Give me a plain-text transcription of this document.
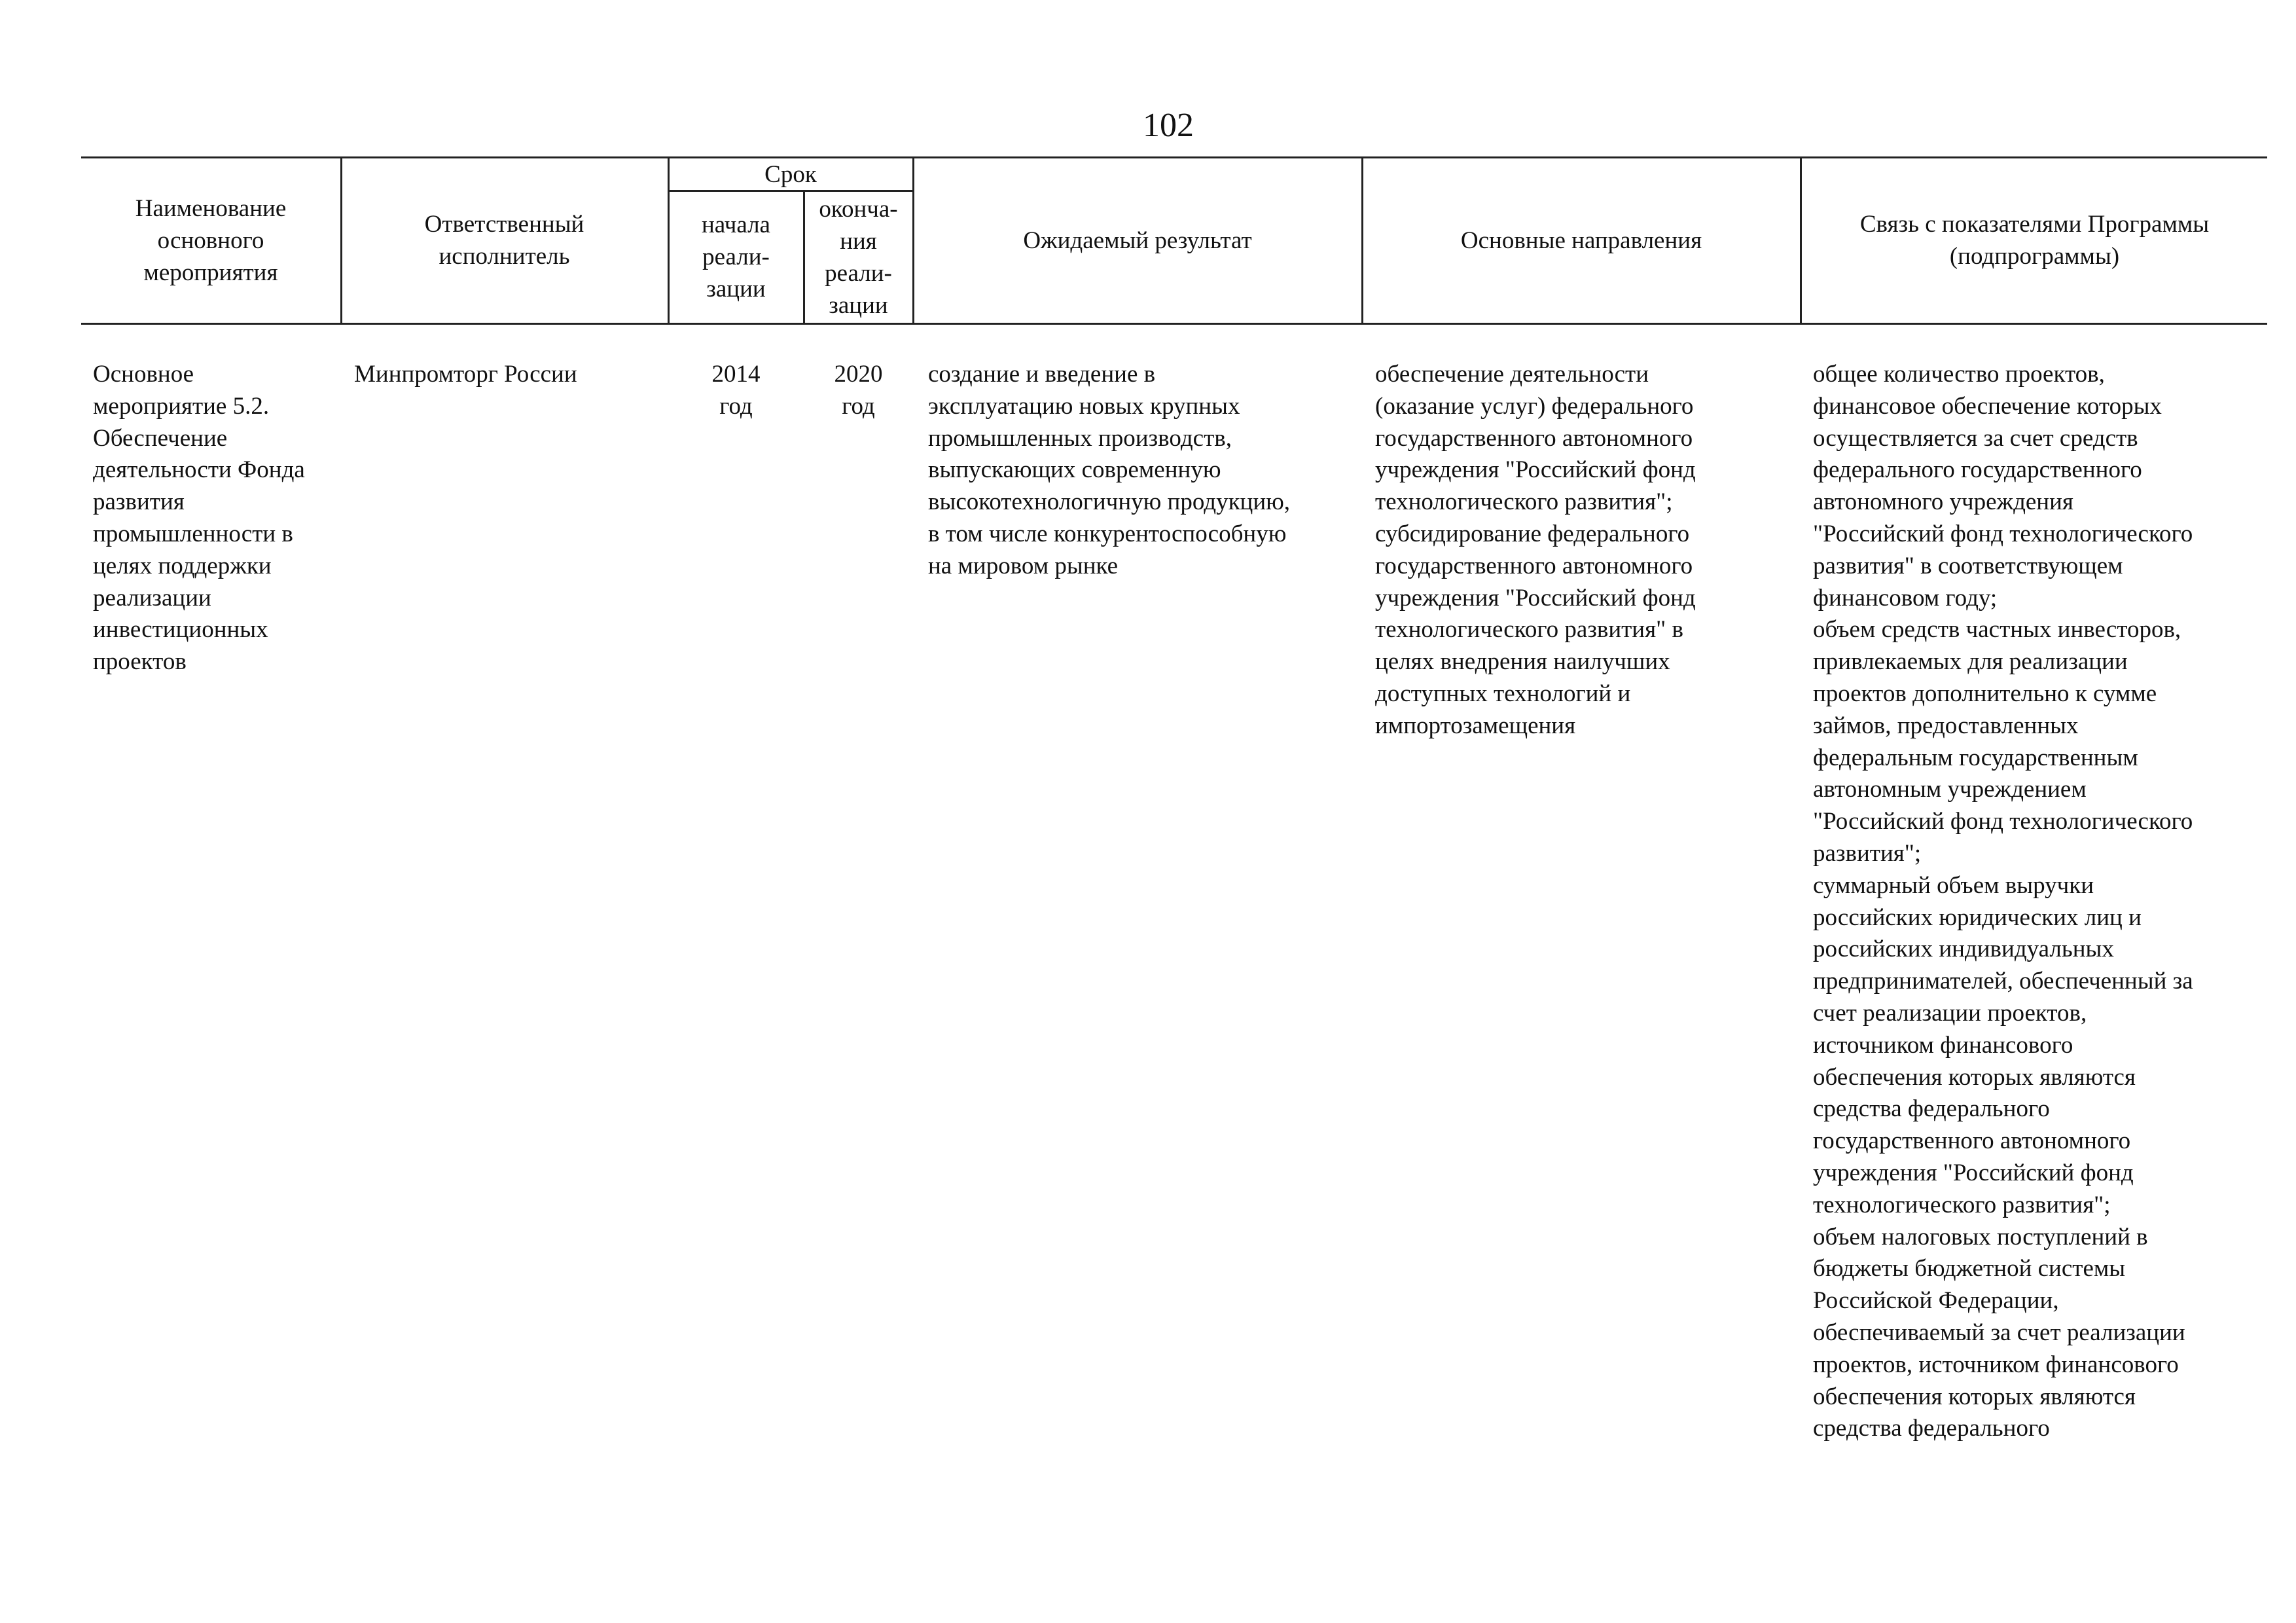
102
Наименование
основного
мероприятия
Ответственный
исполнитель
Срок
начала
реали-
зации
оконча-
ния
реали-
зации
Ожидаемый результат	Основные направления
Связь с показателями Программы
(подпрограммы)
Основное
мероприятие 5.2.
Обеспечение
деятельности Фонда
развития
промышленности в
целях поддержки
реализации
инвестиционных
проектов
Минпромторг России	2014
год
2020
год
создание и введение в
эксплуатацию новых крупных
промышленных производств,
выпускающих современную
высокотехнологичную продукцию,
в том числе конкурентоспособную
на мировом рынке
обеспечение деятельности
(оказание услуг) федерального
государственного автономного
учреждения "Российский фонд
технологического развития";
субсидирование федерального
государственного автономного
учреждения "Российский фонд
технологического развития" в
целях внедрения наилучших
доступных технологий и
импортозамещения
общее количество проектов,
финансовое обеспечение которых
осуществляется за счет средств
федерального государственного
автономного учреждения
"Российский фонд технологического
развития" в соответствующем
финансовом году;
объем средств частных инвесторов,
привлекаемых для реализации
проектов дополнительно к сумме
займов, предоставленных
федеральным государственным
автономным учреждением
"Российский фонд технологического
развития";
суммарный объем выручки
российских юридических лиц и
российских индивидуальных
предпринимателей, обеспеченный за
счет реализации проектов,
источником финансового
обеспечения которых являются
средства федерального
государственного автономного
учреждения "Российский фонд
технологического развития";
объем налоговых поступлений в
бюджеты бюджетной системы
Российской Федерации,
обеспечиваемый за счет реализации
проектов, источником финансового
обеспечения которых являются
средства федерального
